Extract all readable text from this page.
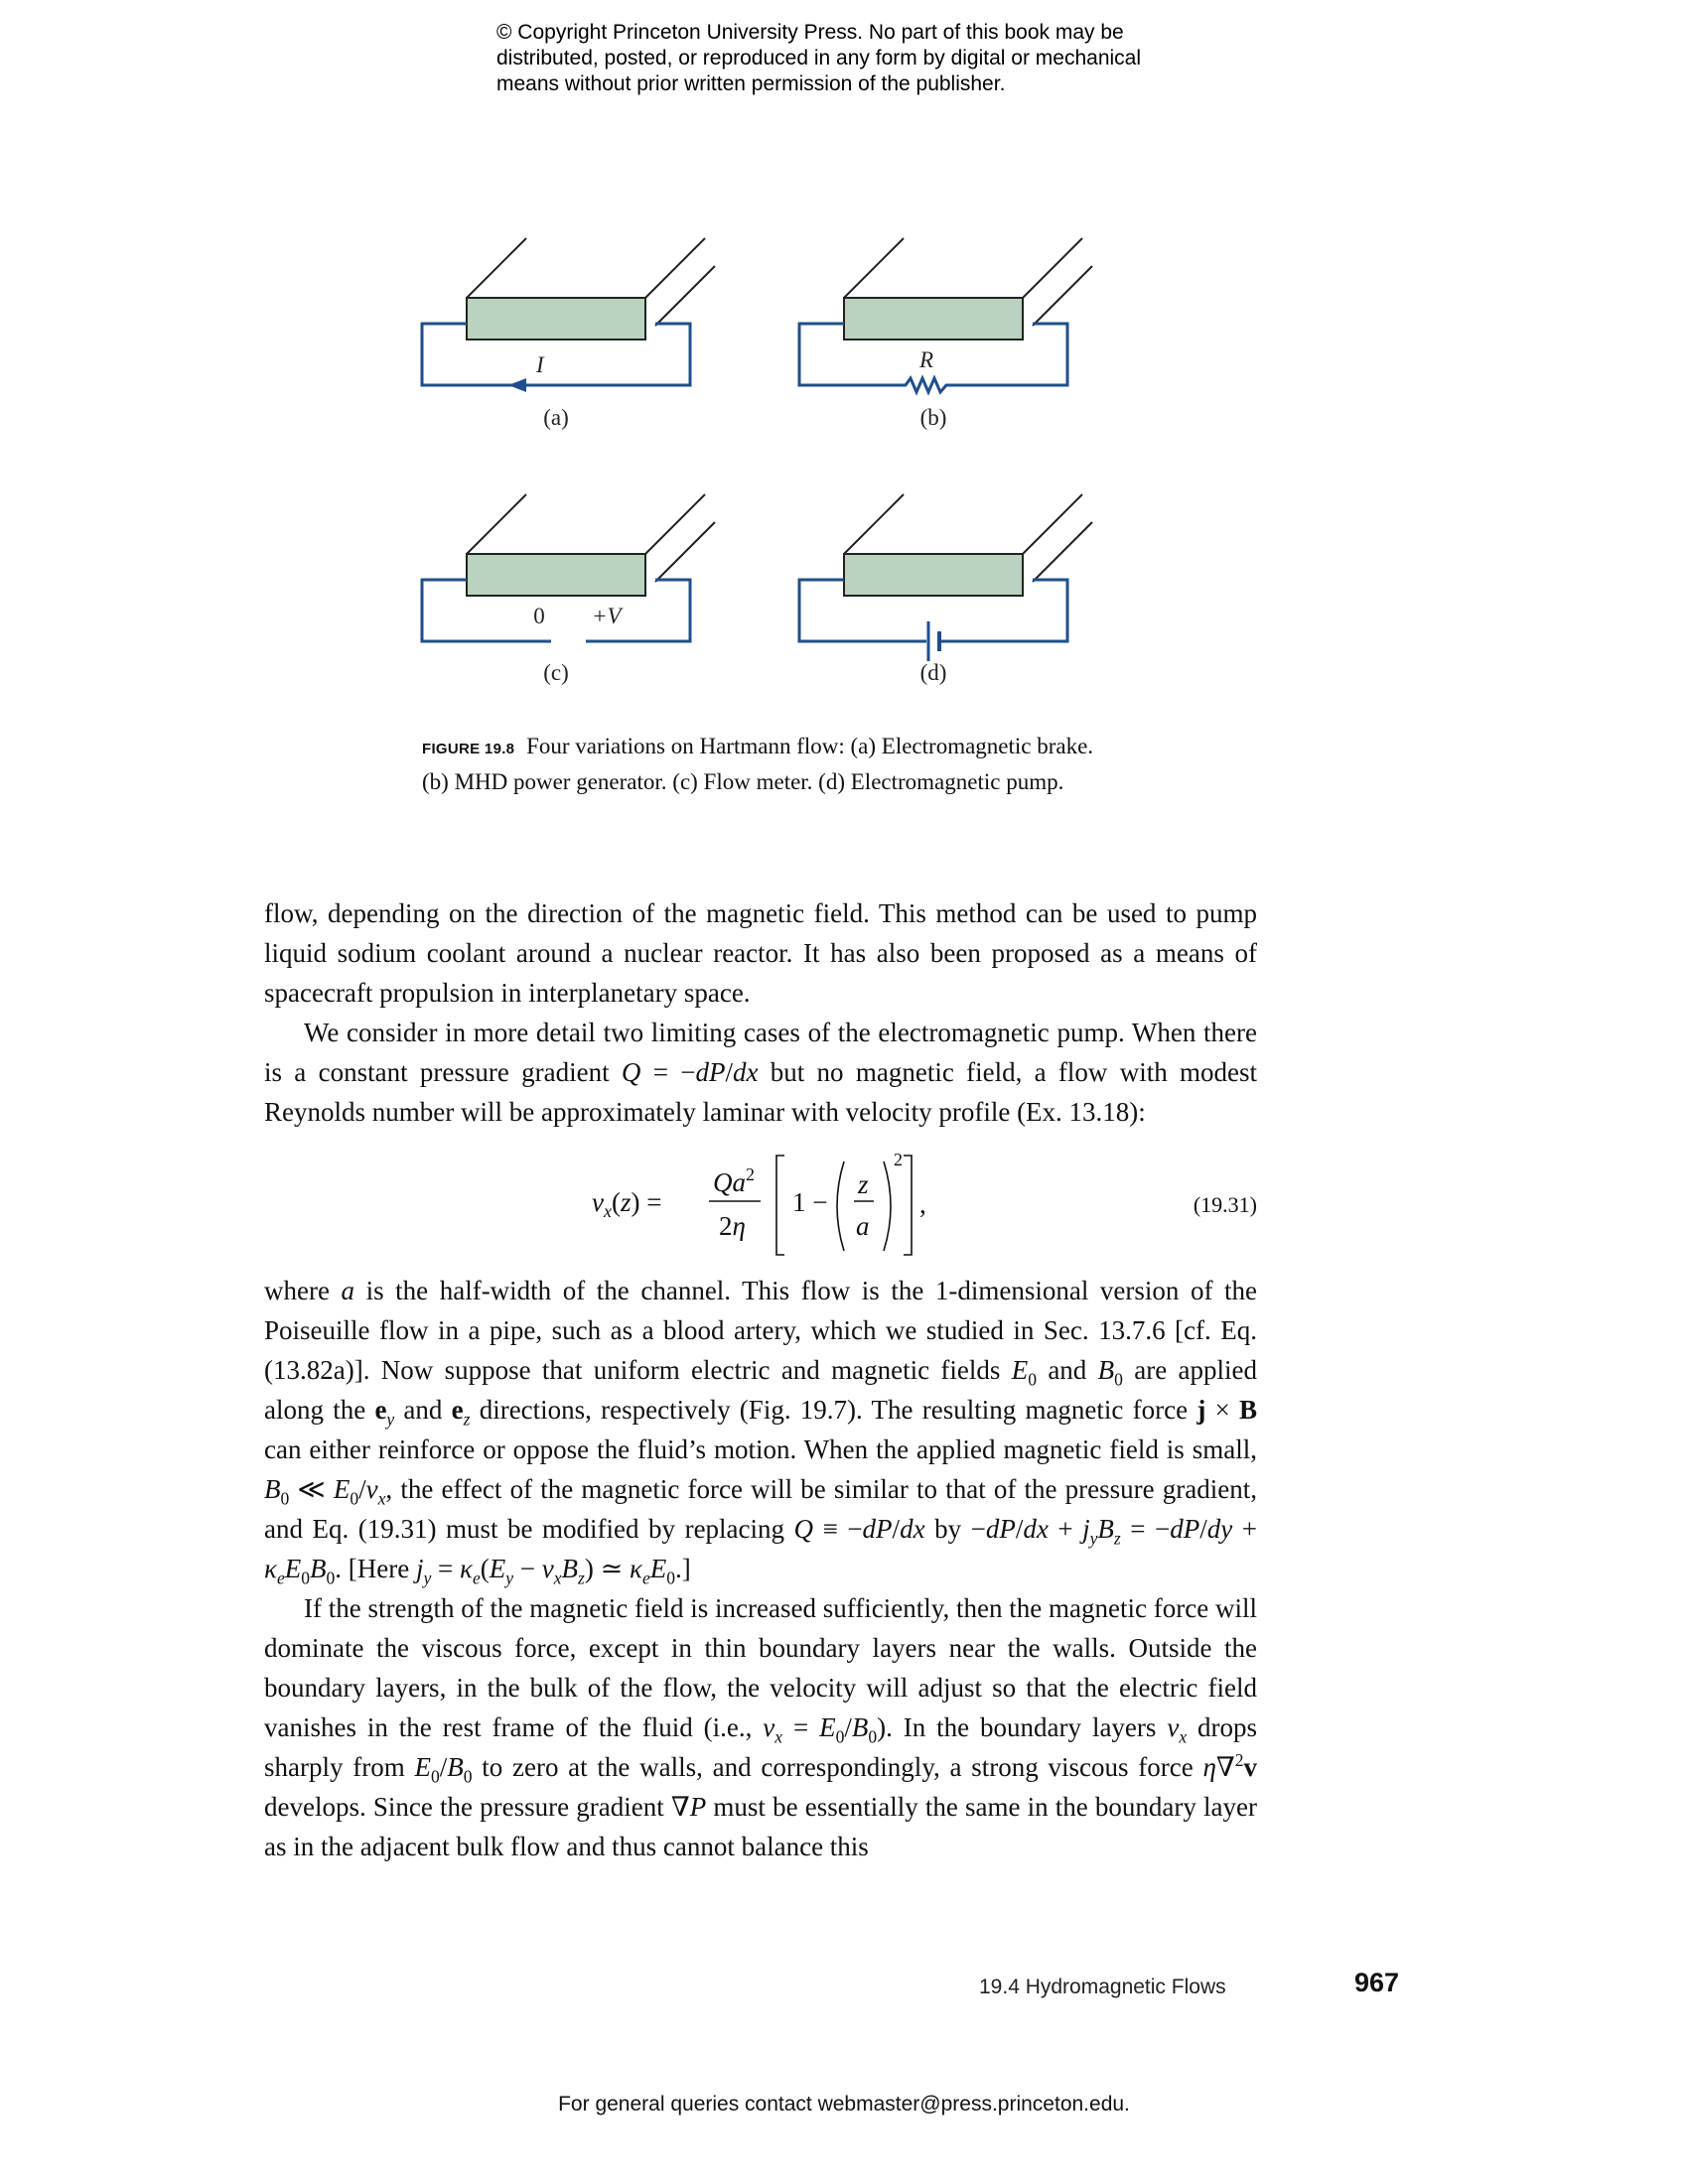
© Copyright Princeton University Press. No part of this book may be
distributed, posted, or reproduced in any form by digital or mechanical
means without prior written permission of the publisher.
I
(a)
R
(b)
0 +V
(c)	(d)
FIGURE 19.8 Four variations on Hartmann flow: (a) Electromagnetic brake. (b) MHD power generator. (c) Flow meter. (d) Electromagnetic pump.

flow, depending on the direction of the magnetic field. This method can be used to pump liquid sodium coolant around a nuclear reactor. It has also been proposed as a means of spacecraft propulsion in interplanetary space.

We consider in more detail two limiting cases of the electromagnetic pump. When there is a constant pressure gradient Q = −dP/dx but no magnetic field, a flow with modest Reynolds number will be approximately laminar with velocity profile (Ex. 13.18):

$v_x(z)$ =
$Qa^2$
2η
1 −
z
a
2
,	(19.31)

where a is the half-width of the channel. This flow is the 1-dimensional version of the Poiseuille flow in a pipe, such as a blood artery, which we studied in Sec. 13.7.6 [cf. Eq. (13.82a)]. Now suppose that uniform electric and magnetic fields $E_0$ and $B_0$ are applied along the $e_y$ and $e_z$ directions, respectively (Fig. 19.7). The resulting magnetic force j × B can either reinforce or oppose the fluid’s motion. When the applied magnetic field is small, $B_0$ ≪ $E_0/v_x$, the effect of the magnetic force will be similar to that of the pressure gradient, and Eq. (19.31) must be modified by replacing Q ≡ −dP/dx by $-dP/dx + j_yB_z = -dP/dy + \kappa_eE_0B_0$. [Here $j_y = \kappa_e(E_y - v_xB_z)$ ≃ $\kappa_eE_0$.]

If the strength of the magnetic field is increased sufficiently, then the magnetic force will dominate the viscous force, except in thin boundary layers near the walls. Outside the boundary layers, in the bulk of the flow, the velocity will adjust so that the electric field vanishes in the rest frame of the fluid (i.e., $v_x = E_0/B_0$). In the boundary layers $v_x$ drops sharply from $E_0/B_0$ to zero at the walls, and correspondingly, a strong viscous force η∇$^2$v develops. Since the pressure gradient ∇P must be essentially the same in the boundary layer as in the adjacent bulk flow and thus cannot balance this

19.4 Hydromagnetic Flows	967
For general queries contact webmaster@press.princeton.edu.
